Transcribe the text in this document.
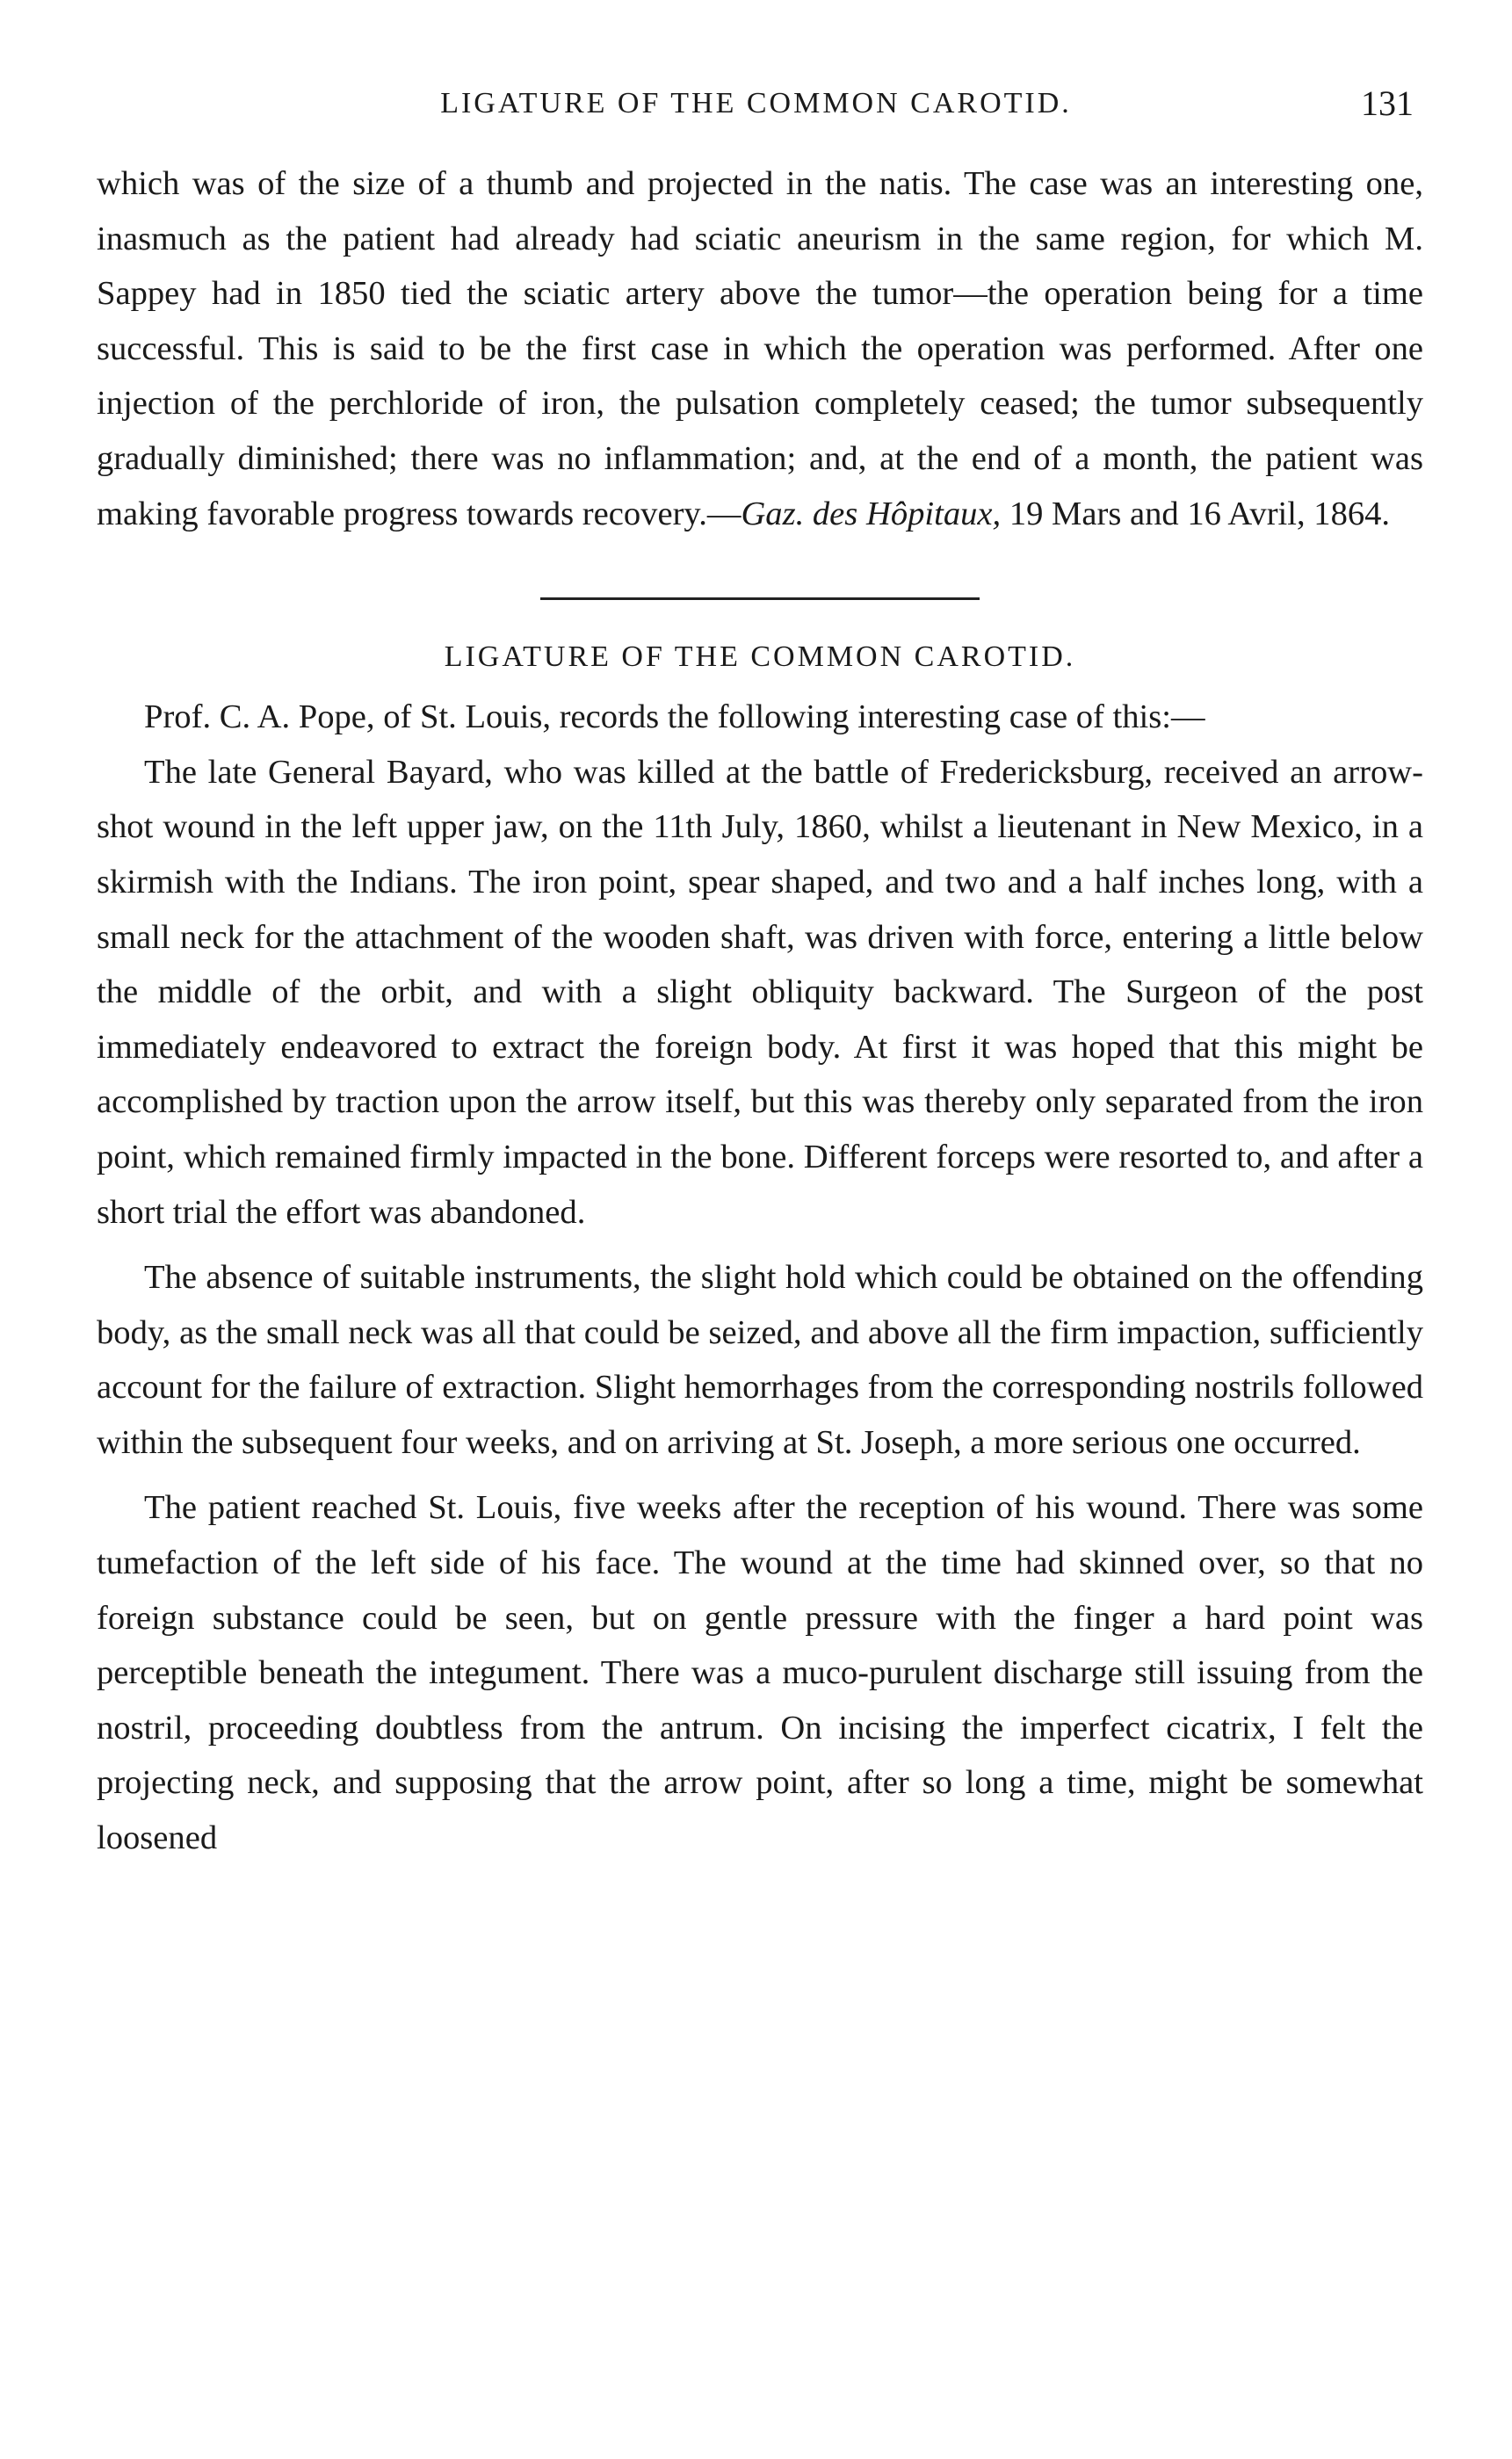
LIGATURE OF THE COMMON CAROTID.	131

which was of the size of a thumb and projected in the natis. The case was an interesting one, inasmuch as the patient had already had sciatic aneurism in the same region, for which M. Sappey had in 1850 tied the sciatic artery above the tumor—the operation being for a time successful. This is said to be the first case in which the operation was performed. After one injection of the perchloride of iron, the pulsation completely ceased; the tumor subsequently gradually diminished; there was no inflammation; and, at the end of a month, the patient was making favorable progress towards recovery.—Gaz. des Hôpitaux, 19 Mars and 16 Avril, 1864.

LIGATURE OF THE COMMON CAROTID.

Prof. C. A. Pope, of St. Louis, records the following interesting case of this:—

The late General Bayard, who was killed at the battle of Fredericksburg, received an arrow-shot wound in the left upper jaw, on the 11th July, 1860, whilst a lieutenant in New Mexico, in a skirmish with the Indians. The iron point, spear shaped, and two and a half inches long, with a small neck for the attachment of the wooden shaft, was driven with force, entering a little below the middle of the orbit, and with a slight obliquity backward. The Surgeon of the post immediately endeavored to extract the foreign body. At first it was hoped that this might be accomplished by traction upon the arrow itself, but this was thereby only separated from the iron point, which remained firmly impacted in the bone. Different forceps were resorted to, and after a short trial the effort was abandoned.

The absence of suitable instruments, the slight hold which could be obtained on the offending body, as the small neck was all that could be seized, and above all the firm impaction, sufficiently account for the failure of extraction. Slight hemorrhages from the corresponding nostrils followed within the subsequent four weeks, and on arriving at St. Joseph, a more serious one occurred.

The patient reached St. Louis, five weeks after the reception of his wound. There was some tumefaction of the left side of his face. The wound at the time had skinned over, so that no foreign substance could be seen, but on gentle pressure with the finger a hard point was perceptible beneath the integument. There was a muco-purulent discharge still issuing from the nostril, proceeding doubtless from the antrum. On incising the imperfect cicatrix, I felt the projecting neck, and supposing that the arrow point, after so long a time, might be somewhat loosened
